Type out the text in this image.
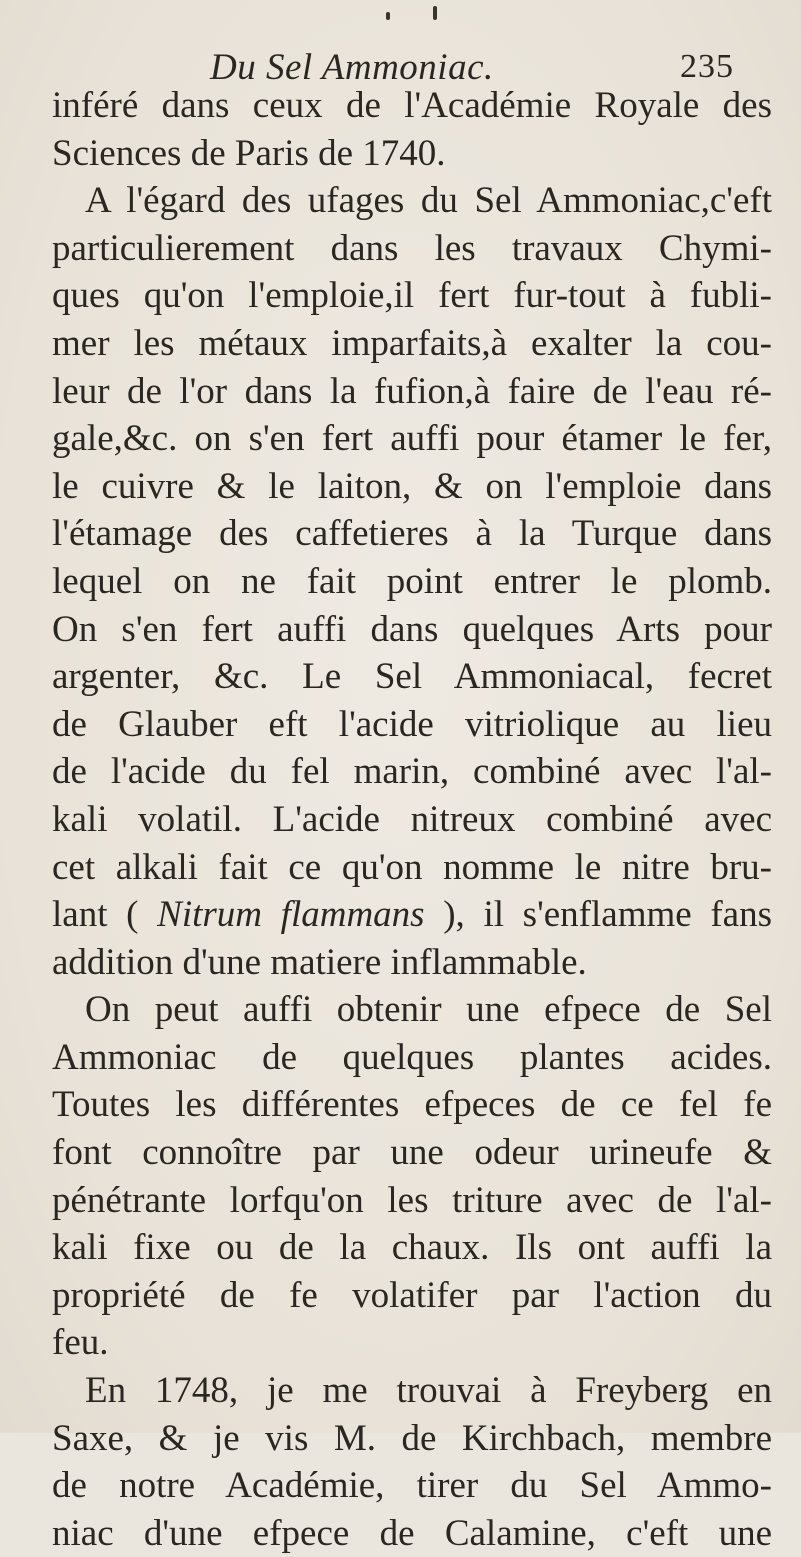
Du Sel Ammoniac.	235
inféré dans ceux de l'Académie Royale des
Sciences de Paris de 1740.
A l'égard des ufages du Sel Ammoniac,c'eft
particulierement dans les travaux Chymi-
ques qu'on l'emploie,il fert fur-tout à fubli-
mer les métaux imparfaits,à exalter la cou-
leur de l'or dans la fufion,à faire de l'eau ré-
gale,&c. on s'en fert auffi pour étamer le fer,
le cuivre & le laiton, & on l'emploie dans
l'étamage des caffetieres à la Turque dans
lequel on ne fait point entrer le plomb.
On s'en fert auffi dans quelques Arts pour
argenter, &c. Le Sel Ammoniacal, fecret
de Glauber eft l'acide vitriolique au lieu
de l'acide du fel marin, combiné avec l'al-
kali volatil. L'acide nitreux combiné avec
cet alkali fait ce qu'on nomme le nitre bru-
lant ( Nitrum flammans ), il s'enflamme fans
addition d'une matiere inflammable.
On peut auffi obtenir une efpece de Sel
Ammoniac de quelques plantes acides.
Toutes les différentes efpeces de ce fel fe
font connoître par une odeur urineufe &
pénétrante lorfqu'on les triture avec de l'al-
kali fixe ou de la chaux. Ils ont auffi la
propriété de fe volatifer par l'action du
feu.
En 1748, je me trouvai à Freyberg en
Saxe, & je vis M. de Kirchbach, membre
de notre Académie, tirer du Sel Ammo-
niac d'une efpece de Calamine, c'eft une
